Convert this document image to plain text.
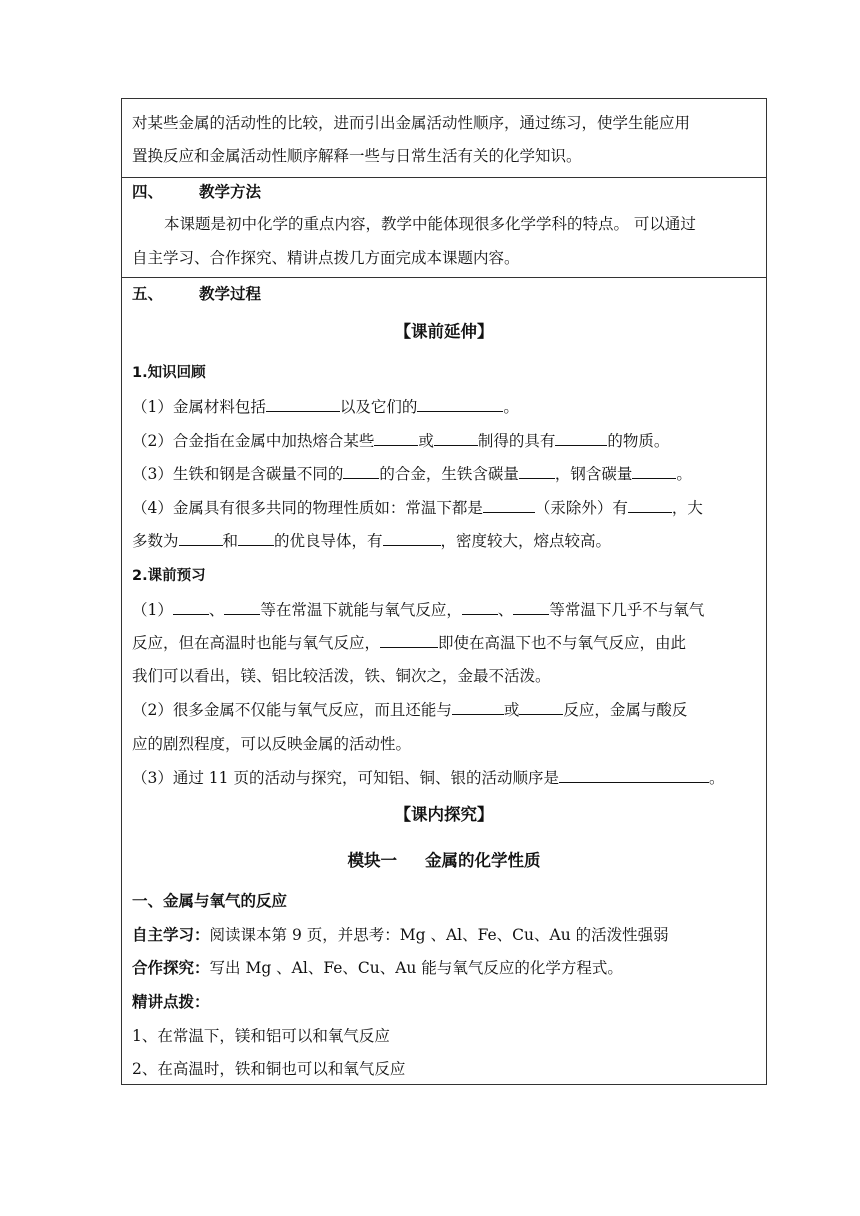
对某些金属的活动性的比较，进而引出金属活动性顺序，通过练习，使学生能应用
置换反应和金属活动性顺序解释一些与日常生活有关的化学知识。
四、 教学方法
本课题是初中化学的重点内容，教学中能体现很多化学学科的特点。 可以通过
自主学习、合作探究、精讲点拨几方面完成本课题内容。
五、 教学过程
【课前延伸】
1.知识回顾
（1）金属材料包括	以及它们的	。
（2）合金指在金属中加热熔合某些	或	制得的具有	的物质。
（3）生铁和钢是含碳量不同的 的合金，生铁含碳量 ，钢含碳量	。
（4）金属具有很多共同的物理性质如：常温下都是	（汞除外）有	，大
多数为	和 的优良导体，有	，密度较大，熔点较高。
2.课前预习
（1） 、 等在常温下就能与氧气反应， 、 等常温下几乎不与氧气
反应，但在高温时也能与氧气反应，	即使在高温下也不与氧气反应，由此
我们可以看出，镁、铝比较活泼，铁、铜次之，金最不活泼。
（2）很多金属不仅能与氧气反应，而且还能与	或	反应，金属与酸反
应的剧烈程度，可以反映金属的活动性。
（3）通过 11 页的活动与探究，可知铝、铜、银的活动顺序是	。
【课内探究】
模块一 金属的化学性质
一、金属与氧气的反应
自主学习：阅读课本第 9 页，并思考：Mg 、Al、Fe、Cu、Au 的活泼性强弱
合作探究：写出 Mg 、Al、Fe、Cu、Au 能与氧气反应的化学方程式。
精讲点拨：
1、在常温下，镁和铝可以和氧气反应
2、在高温时，铁和铜也可以和氧气反应
